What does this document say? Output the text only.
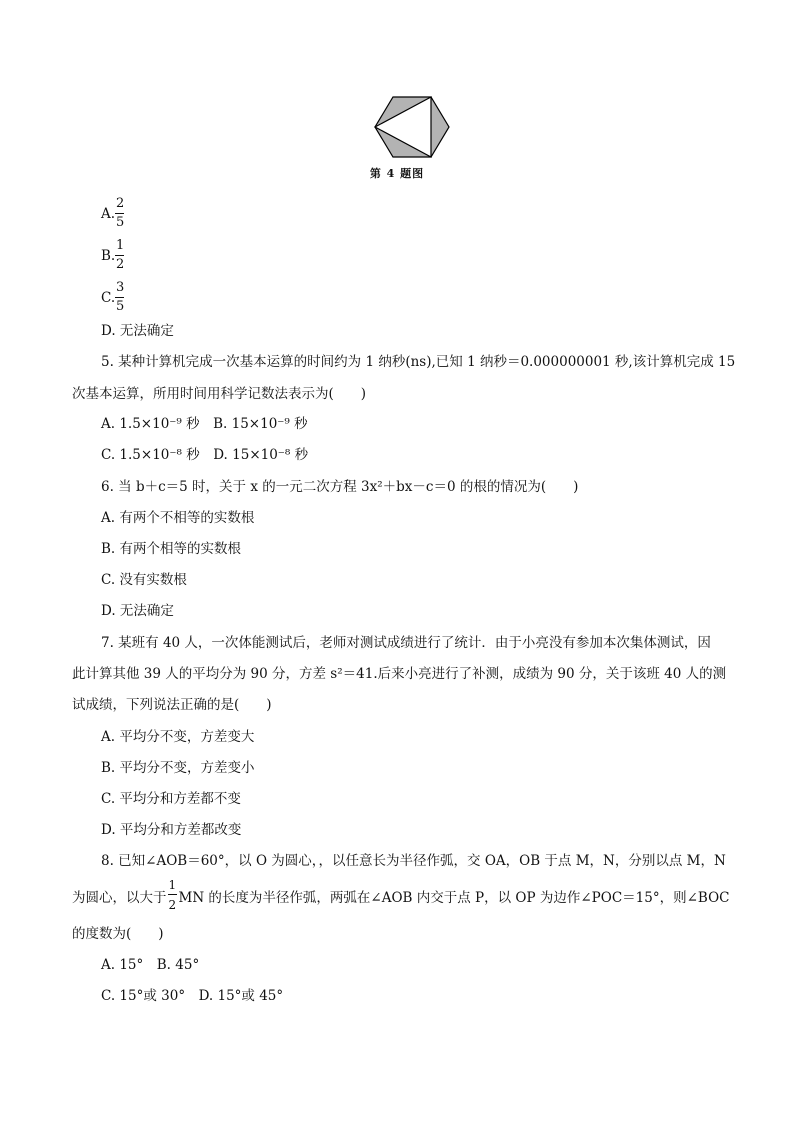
第 4 题图
A.
2
5
B.
1
2
C.
3
5
D. 无法确定
5. 某种计算机完成一次基本运算的时间约为 1 纳秒(ns),已知 1 纳秒＝0.000000001 秒,该计算机完成 15
次基本运算，所用时间用科学记数法表示为(　　)
A. 1.5×10⁻⁹ 秒　B. 15×10⁻⁹ 秒
C. 1.5×10⁻⁸ 秒　D. 15×10⁻⁸ 秒
6. 当 b＋c＝5 时，关于 x 的一元二次方程 3x²＋bx－c＝0 的根的情况为(　　)
A. 有两个不相等的实数根
B. 有两个相等的实数根
C. 没有实数根
D. 无法确定
7. 某班有 40 人，一次体能测试后，老师对测试成绩进行了统计．由于小亮没有参加本次集体测试，因
此计算其他 39 人的平均分为 90 分，方差 s²＝41.后来小亮进行了补测，成绩为 90 分，关于该班 40 人的测
试成绩，下列说法正确的是(　　)
A. 平均分不变，方差变大
B. 平均分不变，方差变小
C. 平均分和方差都不变
D. 平均分和方差都改变
8. 已知∠AOB＝60°，以 O 为圆心，，以任意长为半径作弧，交 OA，OB 于点 M，N，分别以点 M，N
为圆心，以大于 $\frac{1}{2}$ MN 的长度为半径作弧，两弧在∠AOB 内交于点 P，以 OP 为边作∠POC＝15°，则∠BOC
的度数为(　　)
A. 15°　B. 45°
C. 15°或 30°　D. 15°或 45°
